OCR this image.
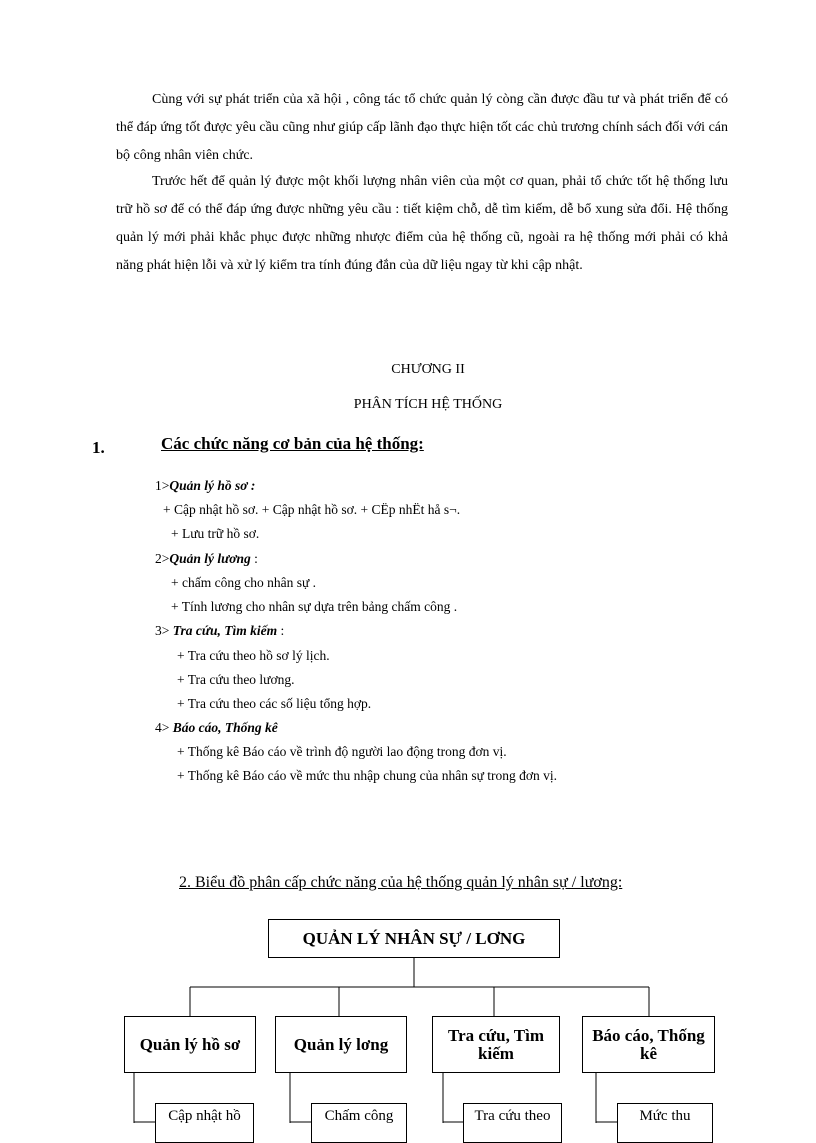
Cùng với sự phát triển của xã hội , công tác tổ chức quản lý còng cần được đầu tư và phát triển để có thể đáp ứng tốt được yêu cầu cũng như giúp cấp lãnh đạo thực hiện tốt các chủ trương chính sách đối với cán bộ công nhân viên chức.

Trước hết để quản lý được một khối lượng nhân viên của một cơ quan, phải tổ chức tốt hệ thống lưu trữ hồ sơ để có thể đáp ứng được những yêu cầu : tiết kiệm chỗ, dễ tìm kiếm, dễ bổ xung sửa đổi. Hệ thống quản lý mới phải khắc phục được những nhược điểm của hệ thống cũ, ngoài ra hệ thống mới phải có khả năng phát hiện lỗi và xử lý kiểm tra tính đúng đắn của dữ liệu ngay từ khi cập nhật.

CHƯƠNG II

PHÂN TÍCH HỆ THỐNG

1.	Các chức năng cơ bản của hệ thống:
1>Quản lý hồ sơ :
+ Cập nhật hồ sơ. + Cập nhật hồ sơ. + CËp nhËt hå s¬.
+ Lưu trữ hồ sơ.
2>Quản lý lương :
+ chấm công cho nhân sự .
+ Tính lương cho nhân sự dựa trên bảng chấm công .
3> Tra cứu, Tìm kiếm :
+ Tra cứu theo hồ sơ lý lịch.
+ Tra cứu theo lương.
+ Tra cứu theo các số liệu tổng hợp.
4> Báo cáo, Thống kê
+ Thống kê Báo cáo về trình độ người lao động trong đơn vị.
+ Thống kê Báo cáo về mức thu nhập chung của nhân sự trong đơn vị.
2. Biểu đồ phân cấp chức năng của hệ thống quản lý nhân sự / lương:
QUẢN LÝ NHÂN SỰ / LƠNG
Quản lý hồ sơ	Quản lý lơng	Tra cứu, Tìm kiếm
Báo cáo, Thống kê
Cập nhật hồ	Chấm công	Tra cứu theo	Mức thu
